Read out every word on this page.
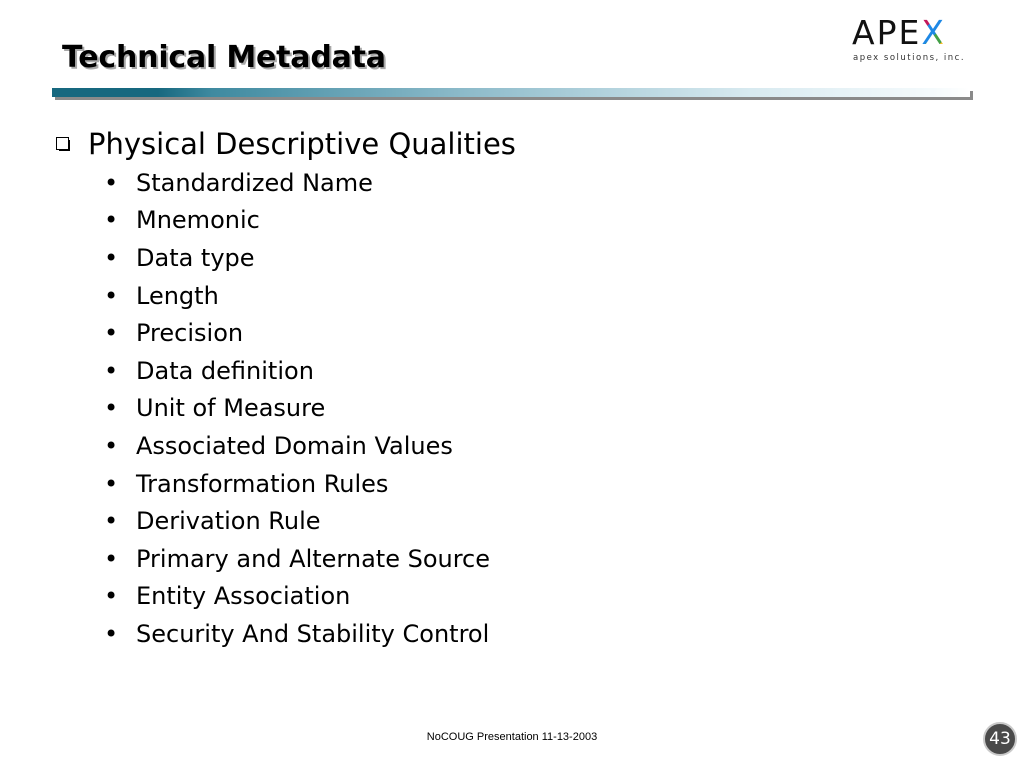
Technical Metadata
APEX
apex solutions, inc.
Physical Descriptive Qualities
• Standardized Name
• Mnemonic
• Data type
• Length
• Precision
• Data definition
• Unit of Measure
• Associated Domain Values
• Transformation Rules
• Derivation Rule
• Primary and Alternate Source
• Entity Association
• Security And Stability Control
NoCOUG Presentation 11-13-2003	43
